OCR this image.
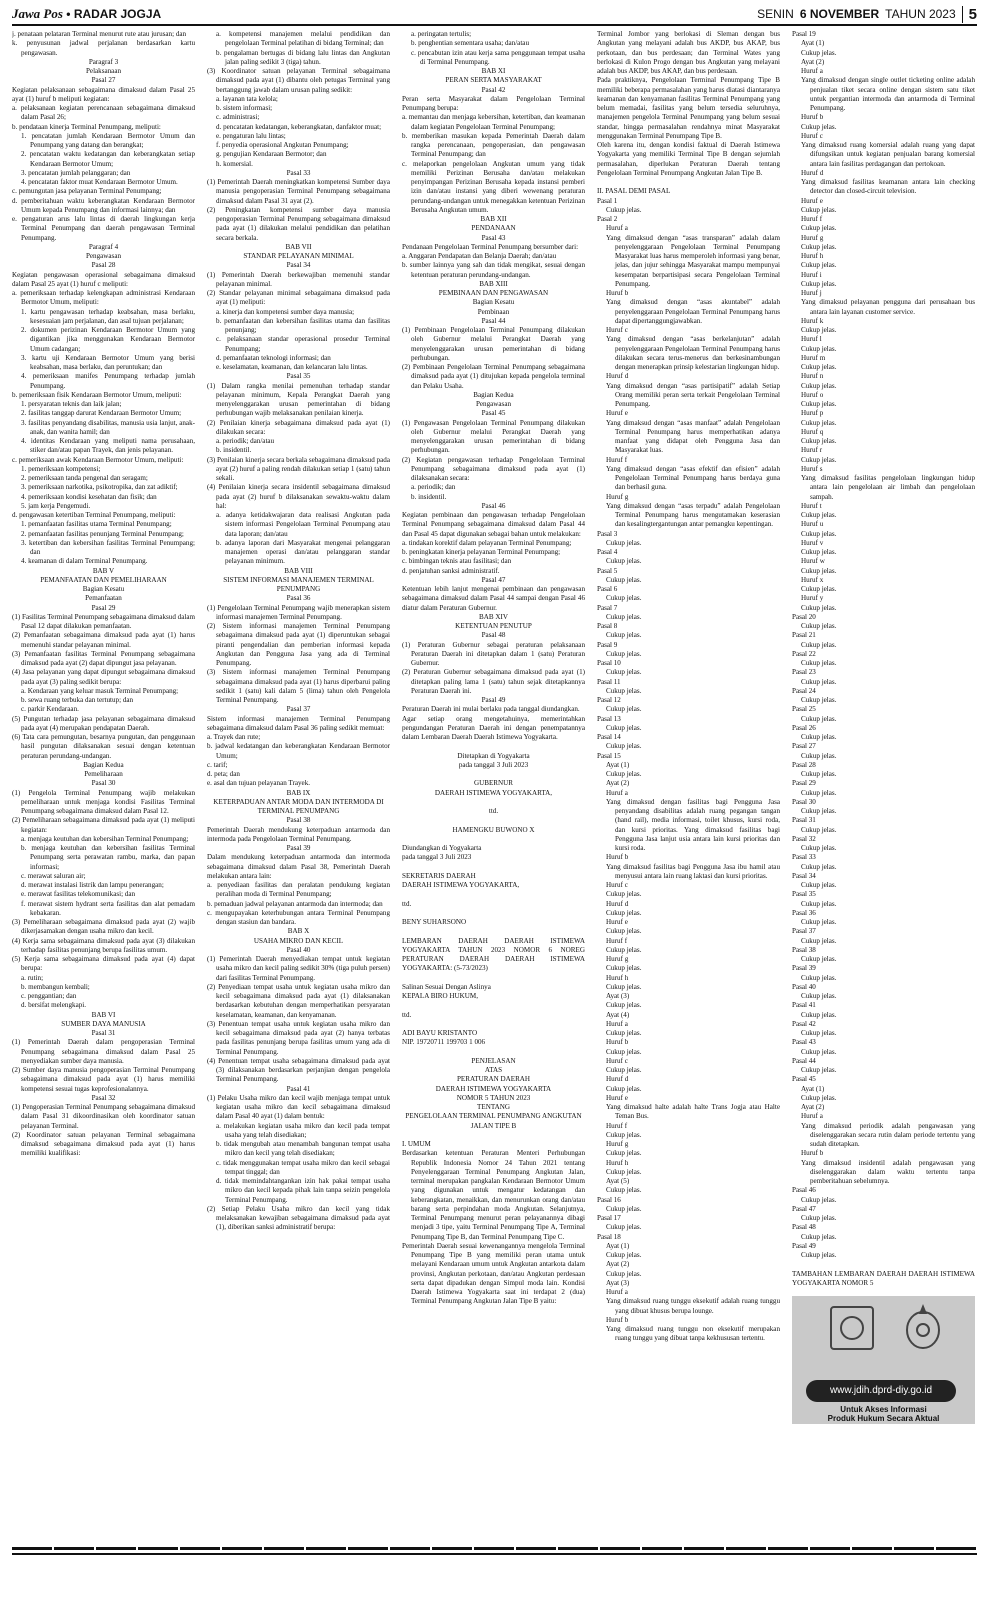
Jawa Pos • RADAR JOGJA	SENIN 6 NOVEMBER TAHUN 2023 5

j. penataan pelataran Terminal menurut rute atau jurusan; dan

k. penyusunan jadwal perjalanan berdasarkan kartu pengawasan.

Paragraf 3

Pelaksanaan

Pasal 27

Kegiatan pelaksanaan sebagaimana dimaksud dalam Pasal 25 ayat (1) huruf b meliputi kegiatan:

a. pelaksanaan kegiatan perencanaan sebagaimana dimaksud dalam Pasal 26;

b. pendataan kinerja Terminal Penumpang, meliputi:

1. pencatatan jumlah Kendaraan Bermotor Umum dan Penumpang yang datang dan berangkat;

2. pencatatan waktu kedatangan dan keberangkatan setiap Kendaraan Bermotor Umum;

3. pencatatan jumlah pelanggaran; dan

4. pencatatan faktor muat Kendaraan Bermotor Umum.

c. pemungutan jasa pelayanan Terminal Penumpang;

d. pemberitahuan waktu keberangkatan Kendaraan Bermotor Umum kepada Penumpang dan informasi lainnya; dan

e. pengaturan arus lalu lintas di daerah lingkungan kerja Terminal Penumpang dan daerah pengawasan Terminal Penumpang.

Paragraf 4

Pengawasan

Pasal 28

Kegiatan pengawasan operasional sebagaimana dimaksud dalam Pasal 25 ayat (1) huruf c meliputi:

a. pemeriksaan terhadap kelengkapan administrasi Kendaraan Bermotor Umum, meliputi:

1. kartu pengawasan terhadap keabsahan, masa berlaku, kesesuaian jam perjalanan, dan asal tujuan perjalanan;

2. dokumen perizinan Kendaraan Bermotor Umum yang digantikan jika menggunakan Kendaraan Bermotor Umum cadangan;

3. kartu uji Kendaraan Bermotor Umum yang berisi keabsahan, masa berlaku, dan peruntukan; dan

4. pemeriksaan manifes Penumpang terhadap jumlah Penumpang.

b. pemeriksaan fisik Kendaraan Bermotor Umum, meliputi:

1. persyaratan teknis dan laik jalan;

2. fasilitas tanggap darurat Kendaraan Bermotor Umum;

3. fasilitas penyandang disabilitas, manusia usia lanjut, anak-anak, dan wanita hamil; dan

4. identitas Kendaraan yang meliputi nama perusahaan, stiker dan/atau papan Trayek, dan jenis pelayanan.

c. pemeriksaan awak Kendaraan Bermotor Umum, meliputi:

1. pemeriksaan kompetensi;

2. pemeriksaan tanda pengenal dan seragam;

3. pemeriksaan narkotika, psikotropika, dan zat adiktif;

4. pemeriksaan kondisi kesehatan dan fisik; dan

5. jam kerja Pengemudi.

d. pengawasan ketertiban Terminal Penumpang, meliputi:

1. pemanfaatan fasilitas utama Terminal Penumpang;

2. pemanfaatan fasilitas penunjang Terminal Penumpang;

3. ketertiban dan kebersihan fasilitas Terminal Penumpang; dan

4. keamanan di dalam Terminal Penumpang.

BAB V

PEMANFAATAN DAN PEMELIHARAAN

Bagian Kesatu

Pemanfaatan

Pasal 29

(1) Fasilitas Terminal Penumpang sebagaimana dimaksud dalam Pasal 12 dapat dilakukan pemanfaatan.

(2) Pemanfaatan sebagaimana dimaksud pada ayat (1) harus memenuhi standar pelayanan minimal.

(3) Pemanfaatan fasilitas Terminal Penumpang sebagaimana dimaksud pada ayat (2) dapat dipungut jasa pelayanan.

(4) Jasa pelayanan yang dapat dipungut sebagaimana dimaksud pada ayat (3) paling sedikit berupa:

a. Kendaraan yang keluar masuk Terminal Penumpang;

b. sewa ruang terbuka dan tertutup; dan

c. parkir Kendaraan.

(5) Pungutan terhadap jasa pelayanan sebagaimana dimaksud pada ayat (4) merupakan pendapatan Daerah.

(6) Tata cara pemungutan, besarnya pungutan, dan penggunaan hasil pungutan dilaksanakan sesuai dengan ketentuan peraturan perundang-undangan.

Bagian Kedua

Pemeliharaan

Pasal 30

(1) Pengelola Terminal Penumpang wajib melakukan pemeliharaan untuk menjaga kondisi Fasilitas Terminal Penumpang sebagaimana dimaksud dalam Pasal 12.

(2) Pemeliharaan sebagaimana dimaksud pada ayat (1) meliputi kegiatan:

a. menjaga keutuhan dan kebersihan Terminal Penumpang;

b. menjaga keutuhan dan kebersihan fasilitas Terminal Penumpang serta perawatan rambu, marka, dan papan informasi;

c. merawat saluran air;

d. merawat instalasi listrik dan lampu penerangan;

e. merawat fasilitas telekomunikasi; dan

f. merawat sistem hydrant serta fasilitas dan alat pemadam kebakaran.

(3) Pemeliharaan sebagaimana dimaksud pada ayat (2) wajib dikerjasamakan dengan usaha mikro dan kecil.

(4) Kerja sama sebagaimana dimaksud pada ayat (3) dilakukan terhadap fasilitas penunjang berupa fasilitas umum.

(5) Kerja sama sebagaimana dimaksud pada ayat (4) dapat berupa:

a. rutin;

b. membangun kembali;

c. penggantian; dan

d. bersifat melengkapi.

BAB VI

SUMBER DAYA MANUSIA

Pasal 31

(1) Pemerintah Daerah dalam pengoperasian Terminal Penumpang sebagaimana dimaksud dalam Pasal 25 menyediakan sumber daya manusia.

(2) Sumber daya manusia pengoperasian Terminal Penumpang sebagaimana dimaksud pada ayat (1) harus memiliki kompetensi sesuai tugas keprofesionalannya.

Pasal 32

(1) Pengoperasian Terminal Penumpang sebagaimana dimaksud dalam Pasal 31 dikoordinasikan oleh koordinator satuan pelayanan Terminal.

(2) Koordinator satuan pelayanan Terminal sebagaimana dimaksud sebagaimana dimaksud pada ayat (1) harus memiliki kualifikasi:

a. kompetensi manajemen melalui pendidikan dan pengelolaan Terminal pelatihan di bidang Terminal; dan

b. pengalaman bertugas di bidang lalu lintas dan Angkutan jalan paling sedikit 3 (tiga) tahun.

(3) Koordinator satuan pelayanan Terminal sebagaimana dimaksud pada ayat (1) dibantu oleh petugas Terminal yang bertanggung jawab dalam urusan paling sedikit:

a. layanan tata kelola;

b. sistem informasi;

c. administrasi;

d. pencatatan kedatangan, keberangkatan, danfaktor muat;

e. pengaturan lalu lintas;

f. penyedia operasional Angkutan Penumpang;

g. pengujian Kendaraan Bermotor; dan

h. komersial.

Pasal 33

(1) Pemerintah Daerah meningkatkan kompetensi Sumber daya manusia pengoperasian Terminal Penumpang sebagaimana dimaksud dalam Pasal 31 ayat (2).

(2) Peningkatan kompetensi sumber daya manusia pengoperasian Terminal Penumpang sebagaimana dimaksud pada ayat (1) dilakukan melalui pendidikan dan pelatihan secara berkala.

BAB VII

STANDAR PELAYANAN MINIMAL

Pasal 34

(1) Pemerintah Daerah berkewajiban memenuhi standar pelayanan minimal.

(2) Standar pelayanan minimal sebagaimana dimaksud pada ayat (1) meliputi:

a. kinerja dan kompetensi sumber daya manusia;

b. pemanfaatan dan kebersihan fasilitas utama dan fasilitas penunjang;

c. pelaksanaan standar operasional prosedur Terminal Penumpang;

d. pemanfaatan teknologi informasi; dan

e. keselamatan, keamanan, dan kelancaran lalu lintas.

Pasal 35

(1) Dalam rangka menilai pemenuhan terhadap standar pelayanan minimum, Kepala Perangkat Daerah yang menyelenggarakan urusan pemerintahan di bidang perhubungan wajib melaksanakan penilaian kinerja.

(2) Penilaian kinerja sebagaimana dimaksud pada ayat (1) dilakukan secara:

a. periodik; dan/atau

b. insidentil.

(3) Penilaian kinerja secara berkala sebagaimana dimaksud pada ayat (2) huruf a paling rendah dilakukan setiap 1 (satu) tahun sekali.

(4) Penilaian kinerja secara insidentil sebagaimana dimaksud pada ayat (2) huruf b dilaksanakan sewaktu-waktu dalam hal:

a. adanya ketidakwajaran data realisasi Angkutan pada sistem informasi Pengelolaan Terminal Penumpang atau data laporan; dan/atau

b. adanya laporan dari Masyarakat mengenai pelanggaran manajemen operasi dan/atau pelanggaran standar pelayanan minimum.

BAB VIII

SISTEM INFORMASI MANAJEMEN TERMINAL PENUMPANG

Pasal 36

(1) Pengelolaan Terminal Penumpang wajib menerapkan sistem informasi manajemen Terminal Penumpang.

(2) Sistem informasi manajemen Terminal Penumpang sebagaimana dimaksud pada ayat (1) diperuntukan sebagai piranti pengendalian dan pemberian informasi kepada Angkutan dan Pengguna Jasa yang ada di Terminal Penumpang.

(3) Sistem informasi manajemen Terminal Penumpang sebagaimana dimaksud pada ayat (1) harus diperbarui paling sedikit 1 (satu) kali dalam 5 (lima) tahun oleh Pengelola Terminal Penumpang.

Pasal 37

Sistem informasi manajemen Terminal Penumpang sebagaimana dimaksud dalam Pasal 36 paling sedikit memuat:

a. Trayek dan rute;

b. jadwal kedatangan dan keberangkatan Kendaraan Bermotor Umum;

c. tarif;

d. peta; dan

e. asal dan tujuan pelayanan Trayek.

BAB IX

KETERPADUAN ANTAR MODA DAN INTERMODA DI TERMINAL PENUMPANG

Pasal 38

Pemerintah Daerah mendukung keterpaduan antarmoda dan intermoda pada Pengelolaan Terminal Penumpang.

Pasal 39

Dalam mendukung keterpaduan antarmoda dan intermoda sebagaimana dimaksud dalam Pasal 38, Pemerintah Daerah melakukan antara lain:

a. penyediaan fasilitas dan peralatan pendukung kegiatan peralihan moda di Terminal Penumpang;

b. pemaduan jadwal pelayanan antarmoda dan intermoda; dan

c. mengupayakan keterhubungan antara Terminal Penumpang dengan stasiun dan bandara.

BAB X

USAHA MIKRO DAN KECIL

Pasal 40

(1) Pemerintah Daerah menyediakan tempat untuk kegiatan usaha mikro dan kecil paling sedikit 30% (tiga puluh persen) dari fasilitas Terminal Penumpang.

(2) Penyediaan tempat usaha untuk kegiatan usaha mikro dan kecil sebagaimana dimaksud pada ayat (1) dilaksanakan berdasarkan kebutuhan dengan memperhatikan persyaratan keselamatan, keamanan, dan kenyamanan.

(3) Penentuan tempat usaha untuk kegiatan usaha mikro dan kecil sebagaimana dimaksud pada ayat (2) hanya terbatas pada fasilitas penunjang berupa fasilitas umum yang ada di Terminal Penumpang.

(4) Penentuan tempat usaha sebagaimana dimaksud pada ayat (3) dilaksanakan berdasarkan perjanjian dengan pengelola Terminal Penumpang.

Pasal 41

(1) Pelaku Usaha mikro dan kecil wajib menjaga tempat untuk kegiatan usaha mikro dan kecil sebagaimana dimaksud dalam Pasal 40 ayat (1) dalam bentuk:

a. melakukan kegiatan usaha mikro dan kecil pada tempat usaha yang telah disediakan;

b. tidak mengubah atau menambah bangunan tempat usaha mikro dan kecil yang telah disediakan;

c. tidak menggunakan tempat usaha mikro dan kecil sebagai tempat tinggal; dan

d. tidak memindahtangankan izin hak pakai tempat usaha mikro dan kecil kepada pihak lain tanpa seizin pengelola Terminal Penumpang.

(2) Setiap Pelaku Usaha mikro dan kecil yang tidak melaksanakan kewajiban sebagaimana dimaksud pada ayat (1), diberikan sanksi administratif berupa:

a. peringatan tertulis;

b. penghentian sementara usaha; dan/atau

c. pencabutan izin atau kerja sama penggunaan tempat usaha di Terminal Penumpang.

BAB XI

PERAN SERTA MASYARAKAT

Pasal 42

Peran serta Masyarakat dalam Pengelolaan Terminal Penumpang berupa:

a. memantau dan menjaga kebersihan, ketertiban, dan keamanan dalam kegiatan Pengelolaan Terminal Penumpang;

b. memberikan masukan kepada Pemerintah Daerah dalam rangka perencanaan, pengoperasian, dan pengawasan Terminal Penumpang; dan

c. melaporkan pengelolaan Angkutan umum yang tidak memiliki Perizinan Berusaha dan/atau melakukan penyimpangan Perizinan Berusaha kepada instansi pemberi izin dan/atau instansi yang diberi wewenang peraturan perundang-undangan untuk menegakkan ketentuan Perizinan Berusaha Angkutan umum.

BAB XII

PENDANAAN

Pasal 43

Pendanaan Pengelolaan Terminal Penumpang bersumber dari:

a. Anggaran Pendapatan dan Belanja Daerah; dan/atau

b. sumber lainnya yang sah dan tidak mengikat, sesuai dengan ketentuan peraturan perundang-undangan.

BAB XIII

PEMBINAAN DAN PENGAWASAN

Bagian Kesatu

Pembinaan

Pasal 44

(1) Pembinaan Pengelolaan Terminal Penumpang dilakukan oleh Gubernur melalui Perangkat Daerah yang menyelenggarakan urusan pemerintahan di bidang perhubungan.

(2) Pembinaan Pengelolaan Terminal Penumpang sebagaimana dimaksud pada ayat (1) ditujukan kepada pengelola terminal dan Pelaku Usaha.

Bagian Kedua

Pengawasan

Pasal 45

(1) Pengawasan Pengelolaan Terminal Penumpang dilakukan oleh Gubernur melalui Perangkat Daerah yang menyelenggarakan urusan pemerintahan di bidang perhubungan.

(2) Kegiatan pengawasan terhadap Pengelolaan Terminal Penumpang sebagaimana dimaksud pada ayat (1) dilaksanakan secara:

a. periodik; dan

b. insidentil.

Pasal 46

Kegiatan pembinaan dan pengawasan terhadap Pengelolaan Terminal Penumpang sebagaimana dimaksud dalam Pasal 44 dan Pasal 45 dapat digunakan sebagai bahan untuk melakukan:

a. tindakan korektif dalam pelayanan Terminal Penumpang;

b. peningkatan kinerja pelayanan Terminal Penumpang;

c. bimbingan teknis atau fasilitasi; dan

d. penjatuhan sanksi administratif.

Pasal 47

Ketentuan lebih lanjut mengenai pembinaan dan pengawasan sebagaimana dimaksud dalam Pasal 44 sampai dengan Pasal 46 diatur dalam Peraturan Gubernur.

BAB XIV

KETENTUAN PENUTUP

Pasal 48

(1) Peraturan Gubernur sebagai peraturan pelaksanaan Peraturan Daerah ini ditetapkan dalam 1 (satu) Peraturan Gubernur.

(2) Peraturan Gubernur sebagaimana dimaksud pada ayat (1) ditetapkan paling lama 1 (satu) tahun sejak ditetapkannya Peraturan Daerah ini.

Pasal 49

Peraturan Daerah ini mulai berlaku pada tanggal diundangkan.

Agar setiap orang mengetahuinya, memerintahkan pengundangan Peraturan Daerah ini dengan penempatannya dalam Lembaran Daerah Daerah Istimewa Yogyakarta.

Ditetapkan di Yogyakarta

pada tanggal 3 Juli 2023

GUBERNUR

DAERAH ISTIMEWA YOGYAKARTA,

ttd.

HAMENGKU BUWONO X

Diundangkan di Yogyakarta

pada tanggal 3 Juli 2023

SEKRETARIS DAERAH

DAERAH ISTIMEWA YOGYAKARTA,

ttd.

BENY SUHARSONO

LEMBARAN DAERAH DAERAH ISTIMEWA YOGYAKARTA TAHUN 2023 NOMOR 6 NOREG PERATURAN DAERAH DAERAH ISTIMEWA YOGYAKARTA: (5-73/2023)

Salinan Sesuai Dengan Aslinya

KEPALA BIRO HUKUM,

ttd.

ADI BAYU KRISTANTO

NIP. 19720711 199703 1 006

PENJELASAN

ATAS

PERATURAN DAERAH

DAERAH ISTIMEWA YOGYAKARTA

NOMOR 5 TAHUN 2023

TENTANG

PENGELOLAAN TERMINAL PENUMPANG ANGKUTAN JALAN TIPE B

I. UMUM

Berdasarkan ketentuan Peraturan Menteri Perhubungan Republik Indonesia Nomor 24 Tahun 2021 tentang Penyelenggaraan Terminal Penumpang Angkutan Jalan, terminal merupakan pangkalan Kendaraan Bermotor Umum yang digunakan untuk mengatur kedatangan dan keberangkatan, menaikkan, dan menurunkan orang dan/atau barang serta perpindahan moda Angkutan. Selanjutnya, Terminal Penumpang menurut peran pelayanannya dibagi menjadi 3 tipe, yaitu Terminal Penumpang Tipe A, Terminal Penumpang Tipe B, dan Terminal Penumpang Tipe C.

Pemerintah Daerah sesuai kewenangannya mengelola Terminal Penumpang Tipe B yang memiliki peran utama untuk melayani Kendaraan umum untuk Angkutan antarkota dalam provinsi, Angkutan perkotaan, dan/atau Angkutan perdesaan serta dapat dipadukan dengan Simpul moda lain. Kondisi Daerah Istimewa Yogyakarta saat ini terdapat 2 (dua) Terminal Penumpang Angkutan Jalan Tipe B yaitu:

Terminal Jombor yang berlokasi di Sleman dengan bus Angkutan yang melayani adalah bus AKDP, bus AKAP, bus perkotaan, dan bus perdesaan; dan Terminal Wates yang berlokasi di Kulon Progo dengan bus Angkutan yang melayani adalah bus AKDP, bus AKAP, dan bus perdesaan.

Pada praktiknya, Pengelolaan Terminal Penumpang Tipe B memiliki beberapa permasalahan yang harus diatasi diantaranya keamanan dan kenyamanan fasilitas Terminal Penumpang yang belum memadai, fasilitas yang belum tersedia seluruhnya, manajemen pengelola Terminal Penumpang yang belum sesuai standar, hingga permasalahan rendahnya minat Masyarakat menggunakan Terminal Penumpang Tipe B.

Oleh karena itu, dengan kondisi faktual di Daerah Istimewa Yogyakarta yang memiliki Terminal Tipe B dengan sejumlah permasalahan, diperlukan Peraturan Daerah tentang Pengelolaan Terminal Penumpang Angkutan Jalan Tipe B.

II. PASAL DEMI PASAL

Pasal 1

Cukup jelas.

Pasal 2

Huruf a

Yang dimaksud dengan “asas transparan” adalah dalam penyelenggaraan Pengelolaan Terminal Penumpang Masyarakat luas harus memperoleh informasi yang benar, jelas, dan jujur sehingga Masyarakat mampu mempunyai kesempatan berpartisipasi secara Pengelolaan Terminal Penumpang.

Huruf b

Yang dimaksud dengan “asas akuntabel” adalah penyelenggaraan Pengelolaan Terminal Penumpang harus dapat dipertanggungjawabkan.

Huruf c

Yang dimaksud dengan “asas berkelanjutan” adalah penyelenggaraan Pengelolaan Terminal Penumpang harus dilakukan secara terus-menerus dan berkesinambungan dengan menerapkan prinsip kelestarian lingkungan hidup.

Huruf d

Yang dimaksud dengan “asas partisipatif” adalah Setiap Orang memiliki peran serta terkait Pengelolaan Terminal Penumpang.

Huruf e

Yang dimaksud dengan “asas manfaat” adalah Pengelolaan Terminal Penumpang harus memperhatikan adanya manfaat yang didapat oleh Pengguna Jasa dan Masyarakat luas.

Huruf f

Yang dimaksud dengan “asas efektif dan efisien” adalah Pengelolaan Terminal Penumpang harus berdaya guna dan berhasil guna.

Huruf g

Yang dimaksud dengan “asas terpadu” adalah Pengelolaan Terminal Penumpang harus mengutamakan keserasian dan kesalingtergantungan antar pemangku kepentingan.

Pasal 3

Cukup jelas.

Pasal 4

Cukup jelas.

Pasal 5

Cukup jelas.

Pasal 6

Cukup jelas.

Pasal 7

Cukup jelas.

Pasal 8

Cukup jelas.

Pasal 9

Cukup jelas.

Pasal 10

Cukup jelas.

Pasal 11

Cukup jelas.

Pasal 12

Cukup jelas.

Pasal 13

Cukup jelas.

Pasal 14

Cukup jelas.

Pasal 15

Ayat (1)

Cukup jelas.

Ayat (2)

Huruf a

Yang dimaksud dengan fasilitas bagi Pengguna Jasa penyandang disabilitas adalah ruang pegangan tangan (hand rail), media informasi, toilet khusus, kursi roda, dan kursi prioritas. Yang dimaksud fasilitas bagi Pengguna Jasa lanjut usia antara lain kursi prioritas dan kursi roda.

Huruf b

Yang dimaksud fasilitas bagi Pengguna Jasa ibu hamil atau menyusui antara lain ruang laktasi dan kursi prioritas.

Huruf c

Cukup jelas.

Huruf d

Cukup jelas.

Huruf e

Cukup jelas.

Huruf f

Cukup jelas.

Huruf g

Cukup jelas.

Huruf h

Cukup jelas.

Ayat (3)

Cukup jelas.

Ayat (4)

Huruf a

Cukup jelas.

Huruf b

Cukup jelas.

Huruf c

Cukup jelas.

Huruf d

Cukup jelas.

Huruf e

Yang dimaksud halte adalah halte Trans Jogja atau Halte Teman Bus.

Huruf f

Cukup jelas.

Huruf g

Cukup jelas.

Huruf h

Cukup jelas.

Ayat (5)

Cukup jelas.

Pasal 16

Cukup jelas.

Pasal 17

Cukup jelas.

Pasal 18

Ayat (1)

Cukup jelas.

Ayat (2)

Cukup jelas.

Ayat (3)

Huruf a

Yang dimaksud ruang tunggu eksekutif adalah ruang tunggu yang dibuat khusus berupa lounge.

Huruf b

Yang dimaksud ruang tunggu non eksekutif merupakan ruang tunggu yang dibuat tanpa kekhususan tertentu.

Pasal 19

Ayat (1)

Cukup jelas.

Ayat (2)

Huruf a

Yang dimaksud dengan single outlet ticketing online adalah penjualan tiket secara online dengan sistem satu tiket untuk pergantian intermoda dan antarmoda di Terminal Penumpang.

Huruf b

Cukup jelas.

Huruf c

Yang dimaksud ruang komersial adalah ruang yang dapat difungsikan untuk kegiatan penjualan barang komersial antara lain fasilitas perdagangan dan pertokoan.

Huruf d

Yang dimaksud fasilitas keamanan antara lain checking detector dan closed-circuit television.

Huruf e

Cukup jelas.

Huruf f

Cukup jelas.

Huruf g

Cukup jelas.

Huruf h

Cukup jelas.

Huruf i

Cukup jelas.

Huruf j

Yang dimaksud pelayanan pengguna dari perusahaan bus antara lain layanan customer service.

Huruf k

Cukup jelas.

Huruf l

Cukup jelas.

Huruf m

Cukup jelas.

Huruf n

Cukup jelas.

Huruf o

Cukup jelas.

Huruf p

Cukup jelas.

Huruf q

Cukup jelas.

Huruf r

Cukup jelas.

Huruf s

Yang dimaksud fasilitas pengelolaan lingkungan hidup antara lain pengelolaan air limbah dan pengelolaan sampah.

Huruf t

Cukup jelas.

Huruf u

Cukup jelas.

Huruf v

Cukup jelas.

Huruf w

Cukup jelas.

Huruf x

Cukup jelas.

Huruf y

Cukup jelas.

Pasal 20

Cukup jelas.

Pasal 21

Cukup jelas.

Pasal 22

Cukup jelas.

Pasal 23

Cukup jelas.

Pasal 24

Cukup jelas.

Pasal 25

Cukup jelas.

Pasal 26

Cukup jelas.

Pasal 27

Cukup jelas.

Pasal 28

Cukup jelas.

Pasal 29

Cukup jelas.

Pasal 30

Cukup jelas.

Pasal 31

Cukup jelas.

Pasal 32

Cukup jelas.

Pasal 33

Cukup jelas.

Pasal 34

Cukup jelas.

Pasal 35

Cukup jelas.

Pasal 36

Cukup jelas.

Pasal 37

Cukup jelas.

Pasal 38

Cukup jelas.

Pasal 39

Cukup jelas.

Pasal 40

Cukup jelas.

Pasal 41

Cukup jelas.

Pasal 42

Cukup jelas.

Pasal 43

Cukup jelas.

Pasal 44

Cukup jelas.

Pasal 45

Ayat (1)

Cukup jelas.

Ayat (2)

Huruf a

Yang dimaksud periodik adalah pengawasan yang diselenggarakan secara rutin dalam periode tertentu yang sudah ditetapkan.

Huruf b

Yang dimaksud insidentil adalah pengawasan yang diselenggarakan dalam waktu tertentu tanpa pemberitahuan sebelumnya.

Pasal 46

Cukup jelas.

Pasal 47

Cukup jelas.

Pasal 48

Cukup jelas.

Pasal 49

Cukup jelas.

TAMBAHAN LEMBARAN DAERAH DAERAH ISTIMEWA YOGYAKARTA NOMOR 5

www.jdih.dprd-diy.go.id
Untuk Akses Informasi
Produk Hukum Secara Aktual
